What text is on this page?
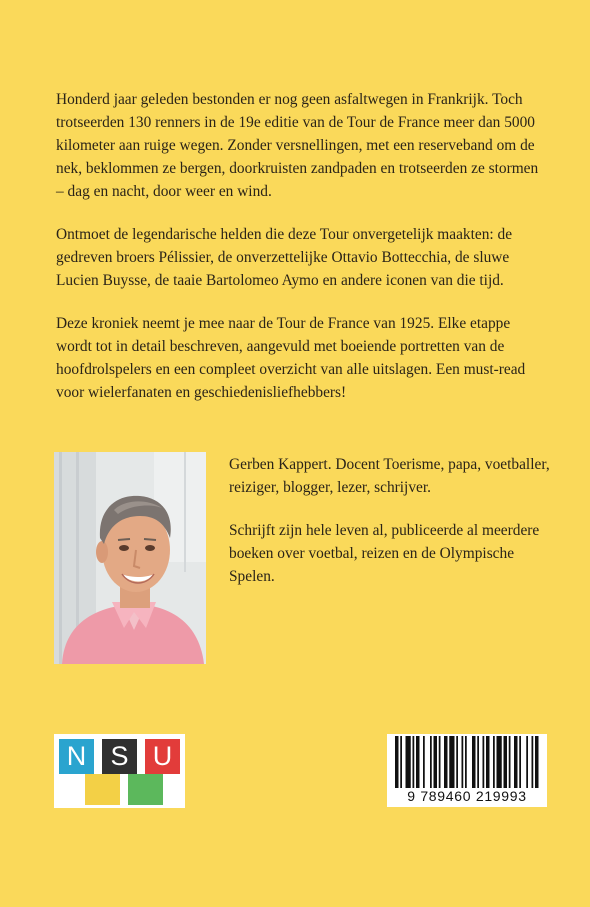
Honderd jaar geleden bestonden er nog geen asfaltwegen in Frankrijk. Toch trotseerden 130 renners in de 19e editie van de Tour de France meer dan 5000 kilometer aan ruige wegen. Zonder versnellingen, met een reserveband om de nek, beklommen ze bergen, doorkruisten zandpaden en trotseerden ze stormen – dag en nacht, door weer en wind.

Ontmoet de legendarische helden die deze Tour onvergetelijk maakten: de gedreven broers Pélissier, de onverzettelijke Ottavio Bottecchia, de sluwe Lucien Buysse, de taaie Bartolomeo Aymo en andere iconen van die tijd.

Deze kroniek neemt je mee naar de Tour de France van 1925. Elke etappe wordt tot in detail beschreven, aangevuld met boeiende portretten van de hoofdrolspelers en een compleet overzicht van alle uitslagen. Een must-read voor wielerfanaten en geschiedenisliefhebbers!

Gerben Kappert. Docent Toerisme, papa, voetballer, reiziger, blogger, lezer, schrijver.

Schrijft zijn hele leven al, publiceerde al meerdere boeken over voetbal, reizen en de Olympische Spelen.

N S U
9 789460 219993
